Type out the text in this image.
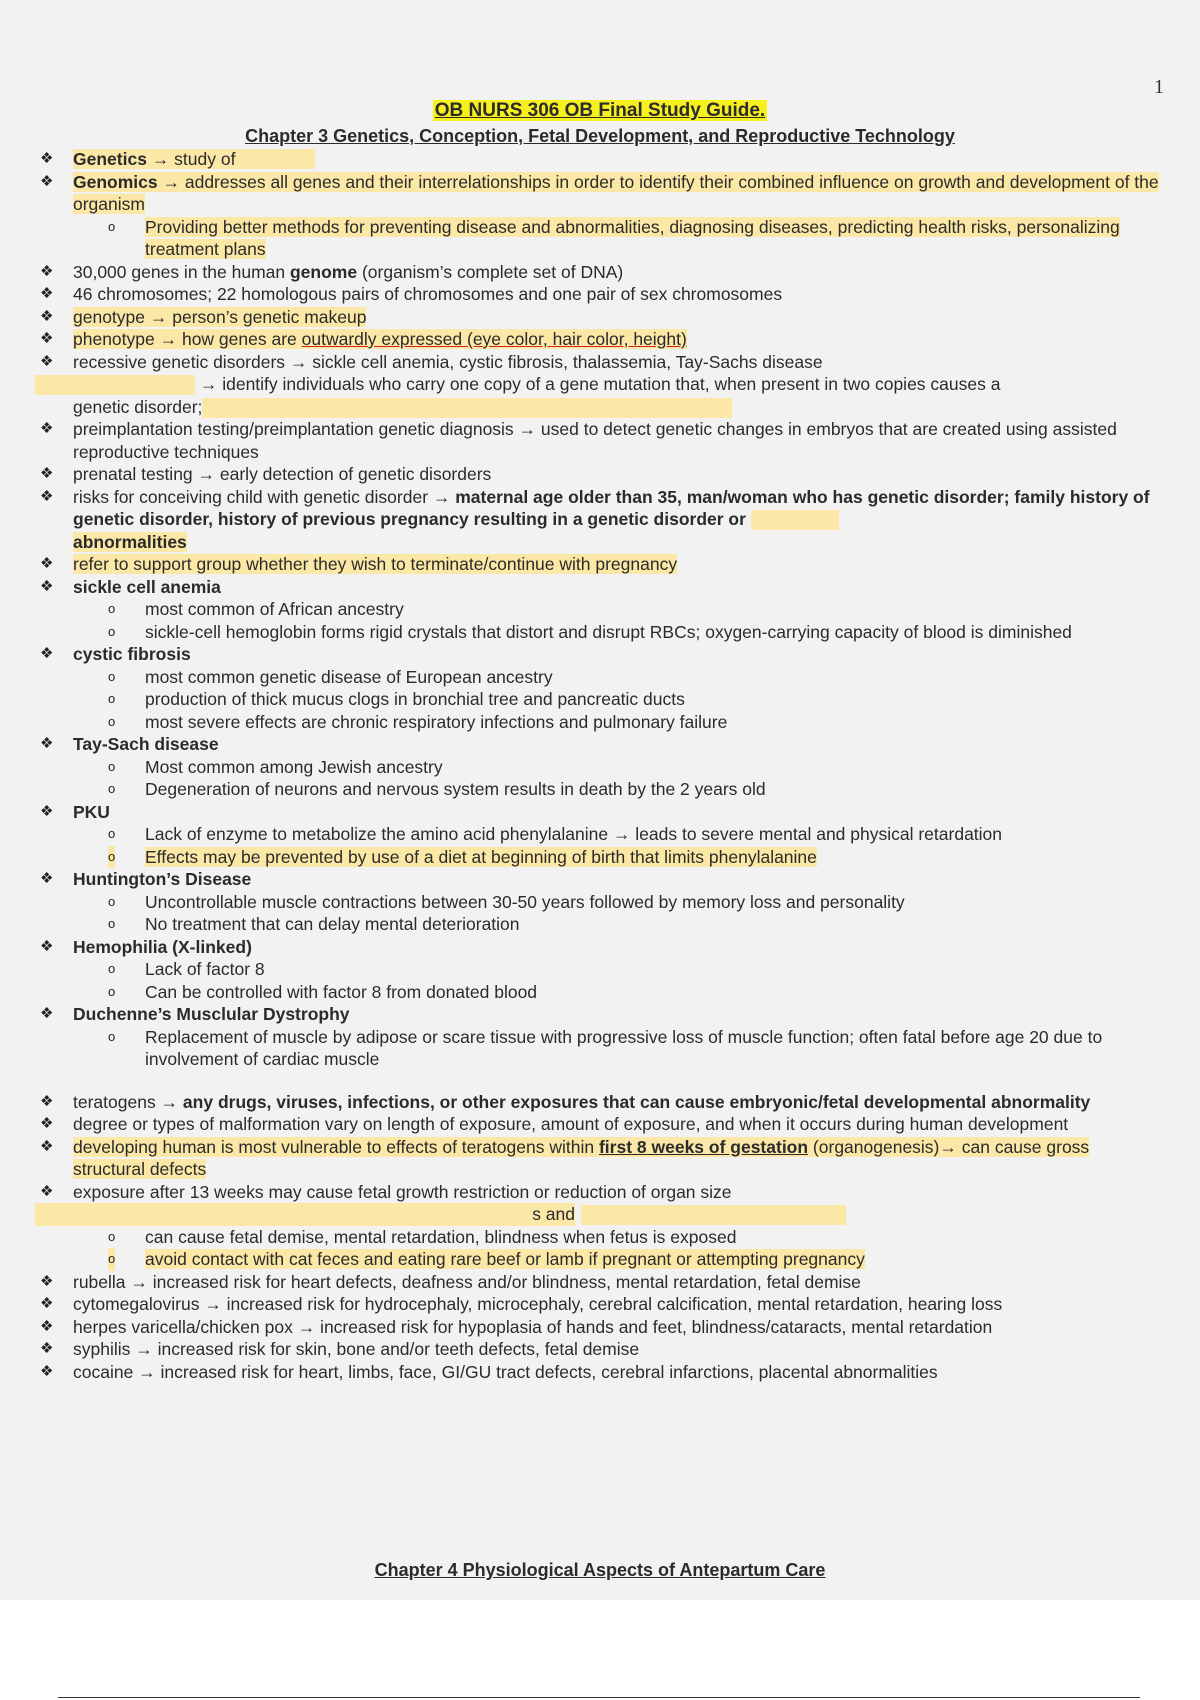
1
OB NURS 306 OB Final Study Guide.
Chapter 3 Genetics, Conception, Fetal Development, and Reproductive Technology
❖ Genetics → study of
❖ Genomics → addresses all genes and their interrelationships in order to identify their combined influence on growth and development of the organism
o Providing better methods for preventing disease and abnormalities, diagnosing diseases, predicting health risks, personalizing treatment plans
❖ 30,000 genes in the human genome (organism’s complete set of DNA)
❖ 46 chromosomes; 22 homologous pairs of chromosomes and one pair of sex chromosomes
❖ genotype → person’s genetic makeup
❖ phenotype → how genes are outwardly expressed (eye color, hair color, height)
❖ recessive genetic disorders → sickle cell anemia, cystic fibrosis, thalassemia, Tay-Sachs disease
→ identify individuals who carry one copy of a gene mutation that, when present in two copies causes a
genetic disorder;
❖ preimplantation testing/preimplantation genetic diagnosis → used to detect genetic changes in embryos that are created using assisted reproductive techniques
❖ prenatal testing → early detection of genetic disorders
❖ risks for conceiving child with genetic disorder → maternal age older than 35, man/woman who has genetic disorder; family history of genetic disorder, history of previous pregnancy resulting in a genetic disorder or
abnormalities
❖ refer to support group whether they wish to terminate/continue with pregnancy
❖ sickle cell anemia
o most common of African ancestry
o sickle-cell hemoglobin forms rigid crystals that distort and disrupt RBCs; oxygen-carrying capacity of blood is diminished
❖ cystic fibrosis
o most common genetic disease of European ancestry
o production of thick mucus clogs in bronchial tree and pancreatic ducts
o most severe effects are chronic respiratory infections and pulmonary failure
❖ Tay-Sach disease
o Most common among Jewish ancestry
o Degeneration of neurons and nervous system results in death by the 2 years old
❖ PKU
o Lack of enzyme to metabolize the amino acid phenylalanine → leads to severe mental and physical retardation
o Effects may be prevented by use of a diet at beginning of birth that limits phenylalanine
❖ Huntington’s Disease
o Uncontrollable muscle contractions between 30-50 years followed by memory loss and personality
o No treatment that can delay mental deterioration
❖ Hemophilia (X-linked)
o Lack of factor 8
o Can be controlled with factor 8 from donated blood
❖ Duchenne’s Musclular Dystrophy
o Replacement of muscle by adipose or scare tissue with progressive loss of muscle function; often fatal before age 20 due to involvement of cardiac muscle
❖ teratogens → any drugs, viruses, infections, or other exposures that can cause embryonic/fetal developmental abnormality
❖ degree or types of malformation vary on length of exposure, amount of exposure, and when it occurs during human development
❖ developing human is most vulnerable to effects of teratogens within first 8 weeks of gestation (organogenesis)→ can cause gross structural defects
❖ exposure after 13 weeks may cause fetal growth restriction or reduction of organ size
s and
o can cause fetal demise, mental retardation, blindness when fetus is exposed
o avoid contact with cat feces and eating rare beef or lamb if pregnant or attempting pregnancy
❖ rubella → increased risk for heart defects, deafness and/or blindness, mental retardation, fetal demise
❖ cytomegalovirus → increased risk for hydrocephaly, microcephaly, cerebral calcification, mental retardation, hearing loss
❖ herpes varicella/chicken pox → increased risk for hypoplasia of hands and feet, blindness/cataracts, mental retardation
❖ syphilis → increased risk for skin, bone and/or teeth defects, fetal demise
❖ cocaine → increased risk for heart, limbs, face, GI/GU tract defects, cerebral infarctions, placental abnormalities
Chapter 4 Physiological Aspects of Antepartum Care
